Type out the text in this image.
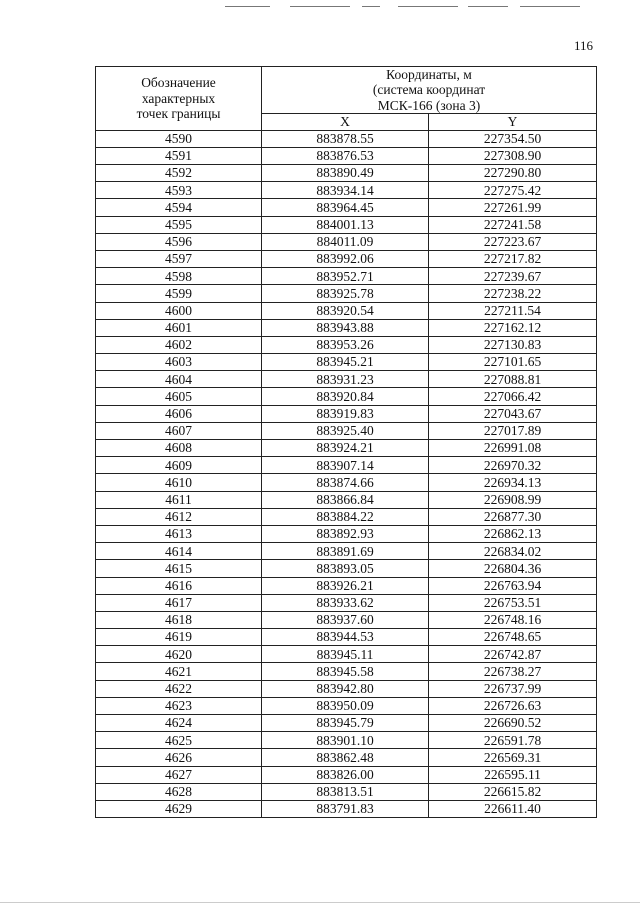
116
Обозначение
характерных
точек границы	Координаты, м
(система координат
МСК-166 (зона 3)	
	X	Y
4590	883878.55	227354.50
4591	883876.53	227308.90
4592	883890.49	227290.80
4593	883934.14	227275.42
4594	883964.45	227261.99
4595	884001.13	227241.58
4596	884011.09	227223.67
4597	883992.06	227217.82
4598	883952.71	227239.67
4599	883925.78	227238.22
4600	883920.54	227211.54
4601	883943.88	227162.12
4602	883953.26	227130.83
4603	883945.21	227101.65
4604	883931.23	227088.81
4605	883920.84	227066.42
4606	883919.83	227043.67
4607	883925.40	227017.89
4608	883924.21	226991.08
4609	883907.14	226970.32
4610	883874.66	226934.13
4611	883866.84	226908.99
4612	883884.22	226877.30
4613	883892.93	226862.13
4614	883891.69	226834.02
4615	883893.05	226804.36
4616	883926.21	226763.94
4617	883933.62	226753.51
4618	883937.60	226748.16
4619	883944.53	226748.65
4620	883945.11	226742.87
4621	883945.58	226738.27
4622	883942.80	226737.99
4623	883950.09	226726.63
4624	883945.79	226690.52
4625	883901.10	226591.78
4626	883862.48	226569.31
4627	883826.00	226595.11
4628	883813.51	226615.82
4629	883791.83	226611.40
